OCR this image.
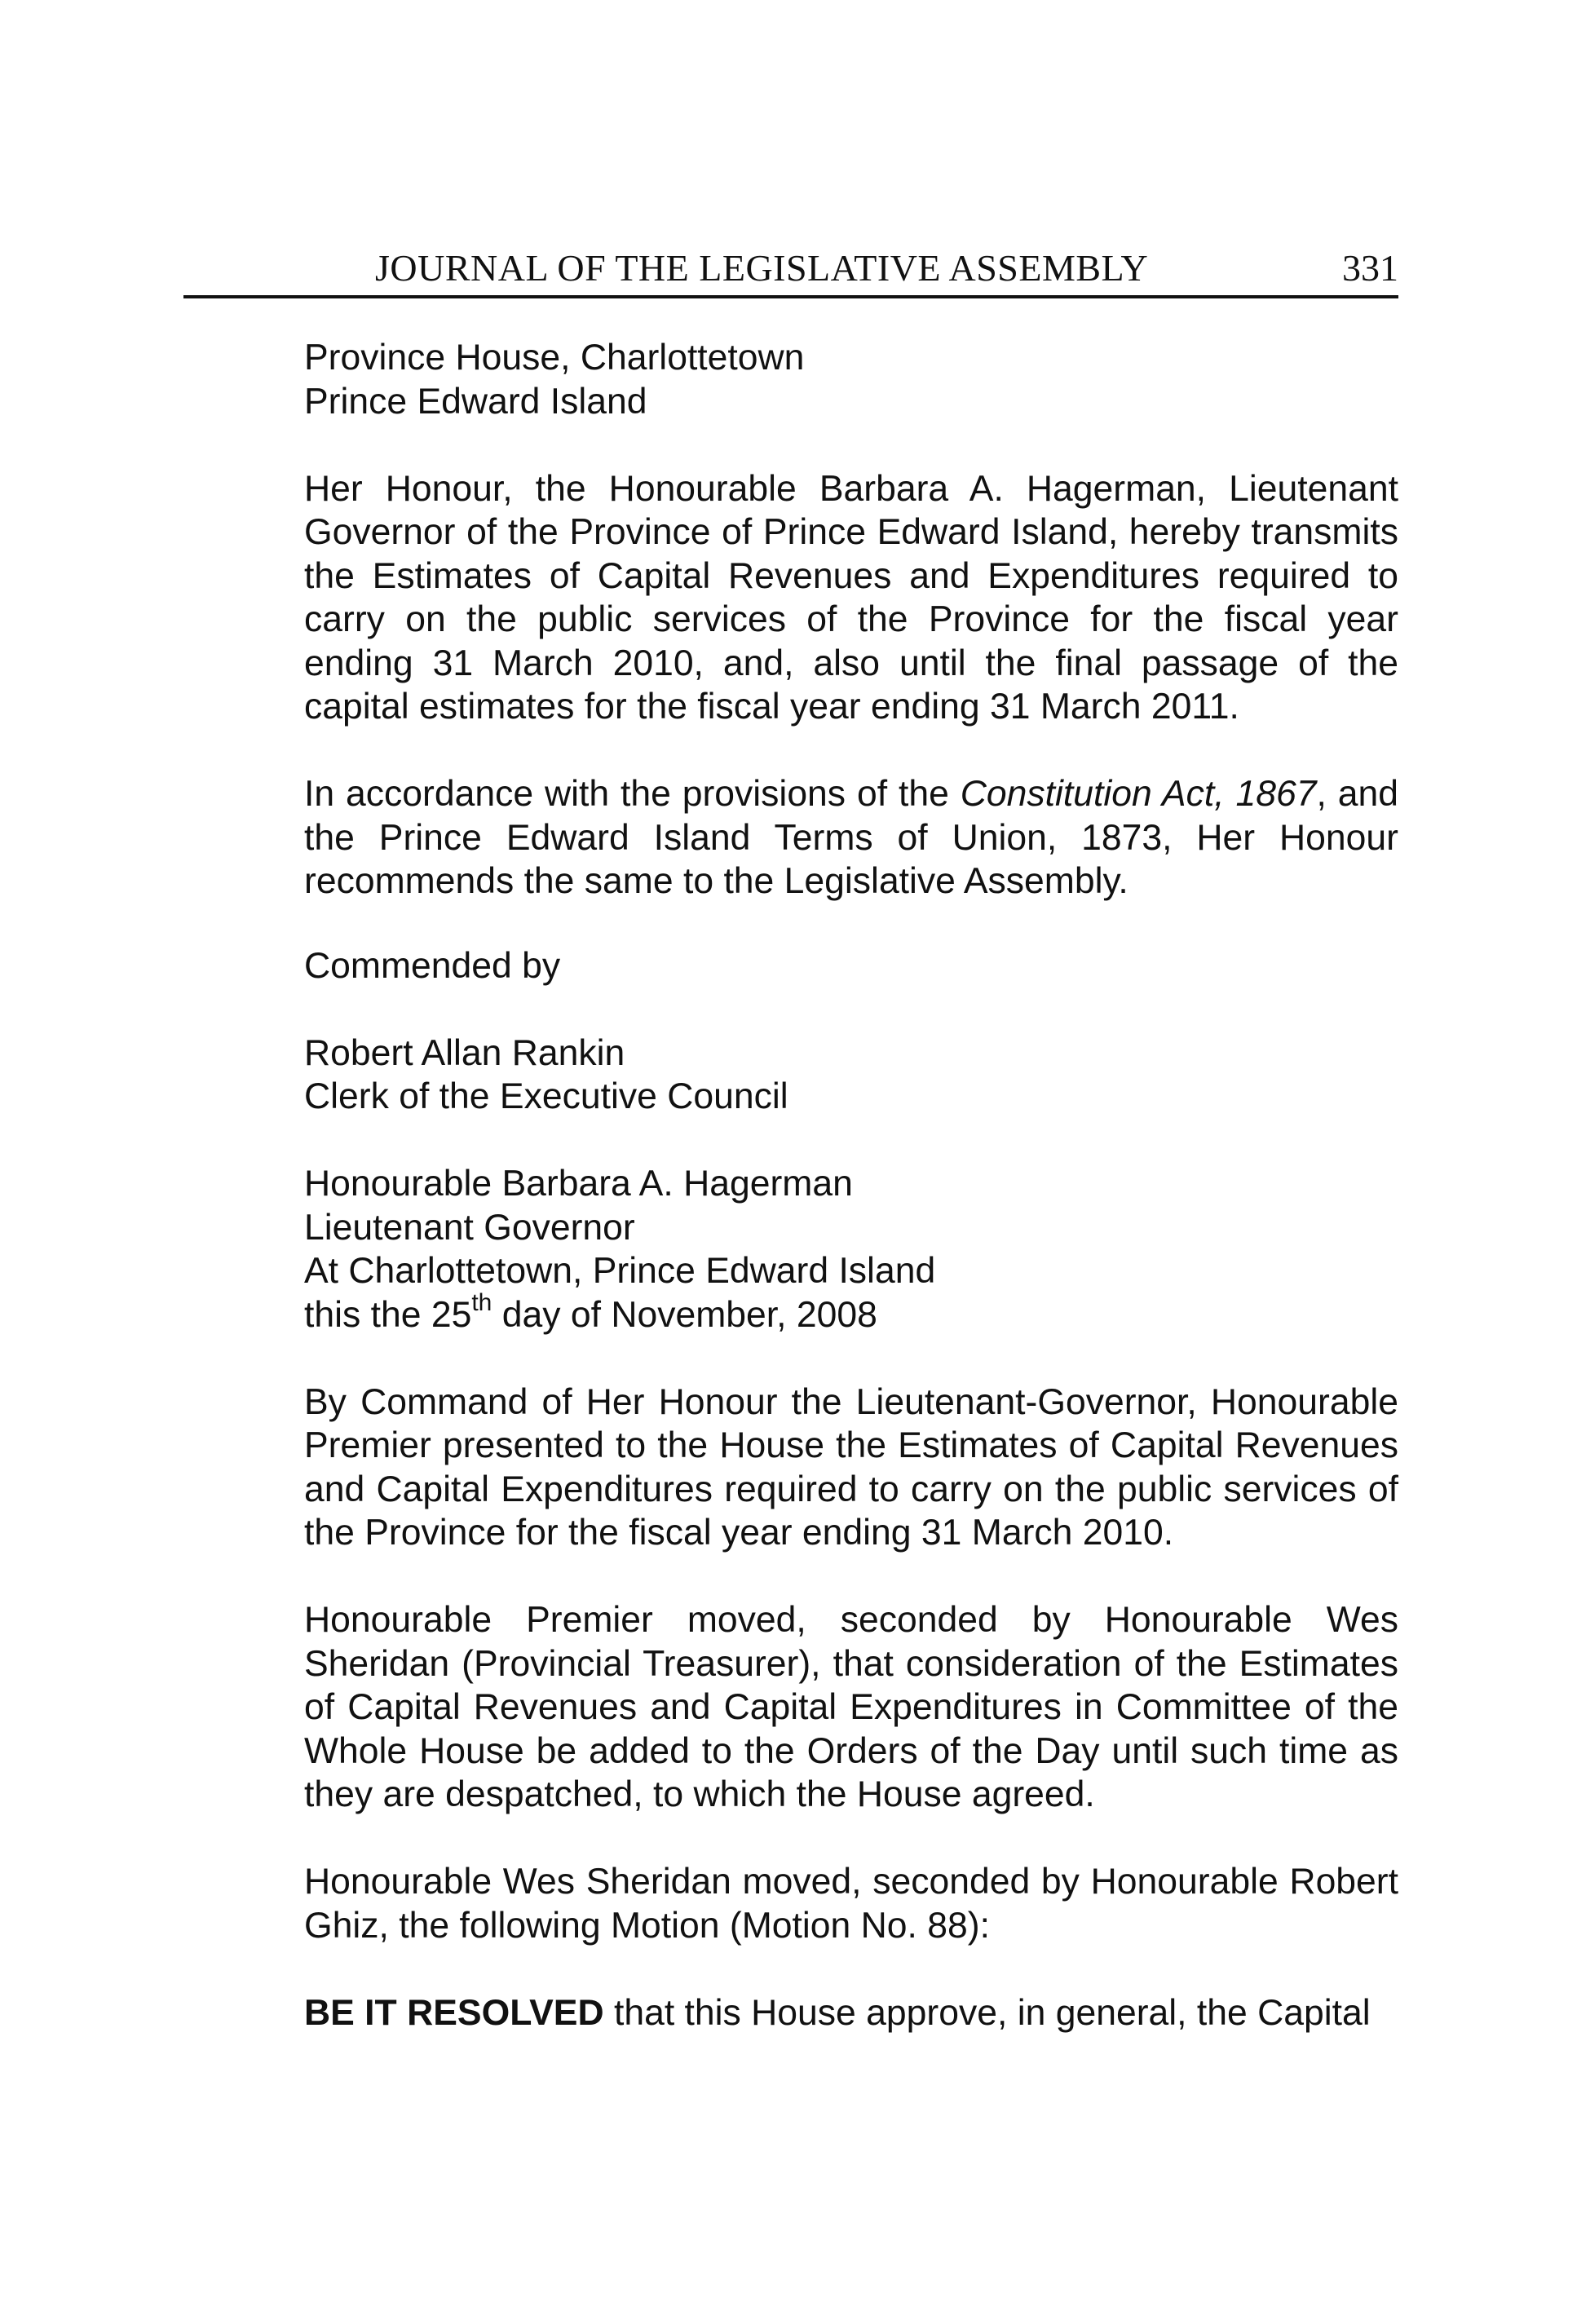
JOURNAL OF THE LEGISLATIVE ASSEMBLY	331

Province House, Charlottetown
Prince Edward Island

Her Honour, the Honourable Barbara A. Hagerman, Lieutenant Governor of the Province of Prince Edward Island, hereby transmits the Estimates of Capital Revenues and Expenditures required to carry on the public services of the Province for the fiscal year ending 31 March 2010, and, also until the final passage of the capital estimates for the fiscal year ending 31 March 2011.

In accordance with the provisions of the Constitution Act, 1867, and the Prince Edward Island Terms of Union, 1873, Her Honour recommends the same to the Legislative Assembly.

Commended by

Robert Allan Rankin
Clerk of the Executive Council

Honourable Barbara A. Hagerman
Lieutenant Governor
At Charlottetown, Prince Edward Island
this the 25th day of November, 2008

By Command of Her Honour the Lieutenant-Governor, Honourable Premier presented to the House the Estimates of Capital Revenues and Capital Expenditures required to carry on the public services of the Province for the fiscal year ending 31 March 2010.

Honourable Premier moved, seconded by Honourable Wes Sheridan (Provincial Treasurer), that consideration of the Estimates of Capital Revenues and Capital Expenditures in Committee of the Whole House be added to the Orders of the Day until such time as they are despatched, to which the House agreed.

Honourable Wes Sheridan moved, seconded by Honourable Robert Ghiz, the following Motion (Motion No. 88):

BE IT RESOLVED that this House approve, in general, the Capital
